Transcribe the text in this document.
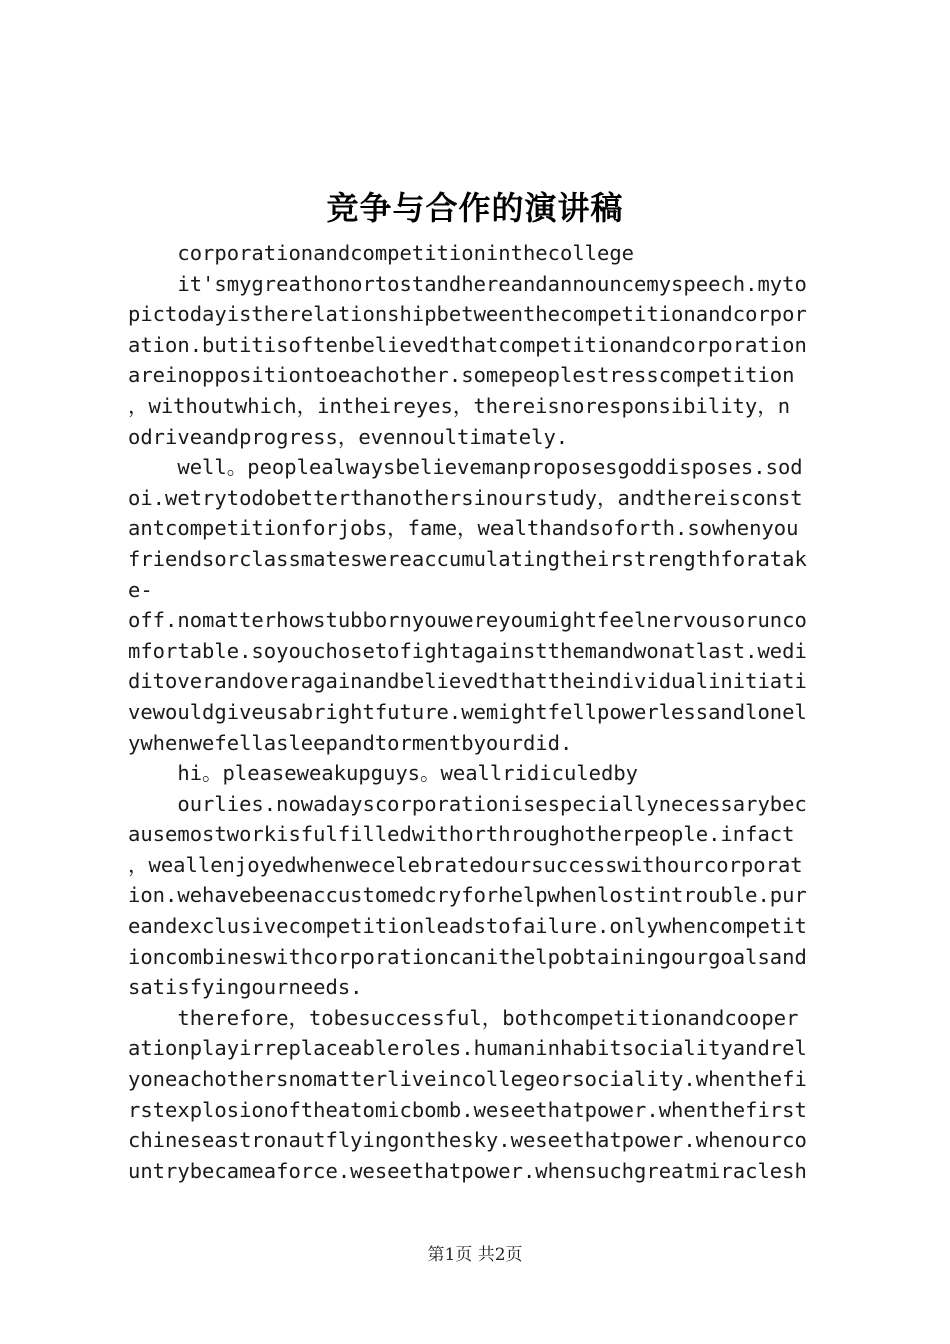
竞争与合作的演讲稿
corporationandcompetitioninthecollege
it'smygreathonortostandhereandannouncemyspeech.myto
pictodayistherelationshipbetweenthecompetitionandcorpor
ation.butitisoftenbelievedthatcompetitionandcorporation
areinoppositiontoeachother.somepeoplestresscompetition
，withoutwhich，intheireyes，thereisnoresponsibility，n
odriveandprogress，evennoultimately.
well。peoplealwaysbelievemanproposesgoddisposes.sod
oi.wetrytodobetterthanothersinourstudy，andthereisconst
antcompetitionforjobs，fame，wealthandsoforth.sowhenyou
friendsorclassmateswereaccumulatingtheirstrengthforatak
e-
off.nomatterhowstubbornyouwereyoumightfeelnervousorunco
mfortable.soyouchosetofightagainstthemandwonatlast.wedi
ditoverandoveragainandbelievedthattheindividualinitiati
vewouldgiveusabrightfuture.wemightfellpowerlessandlonel
ywhenwefellasleepandtormentbyourdid.
hi。pleaseweakupguys。weallridiculedby
ourlies.nowadayscorporationisespeciallynecessarybec
ausemostworkisfulfilledwithorthroughotherpeople.infact
，weallenjoyedwhenwecelebratedoursuccesswithourcorporat
ion.wehavebeenaccustomedcryforhelpwhenlostintrouble.pur
eandexclusivecompetitionleadstofailure.onlywhencompetit
ioncombineswithcorporationcanithelpobtainingourgoalsand
satisfyingourneeds.
therefore，tobesuccessful，bothcompetitionandcooper
ationplayirreplaceableroles.humaninhabitsocialityandrel
yoneachothersnomatterliveincollegeorsociality.whenthefi
rstexplosionoftheatomicbomb.weseethatpower.whenthefirst
chineseastronautflyingonthesky.weseethatpower.whenourco
untrybecameaforce.weseethatpower.whensuchgreatmiraclesh
第1页 共2页
